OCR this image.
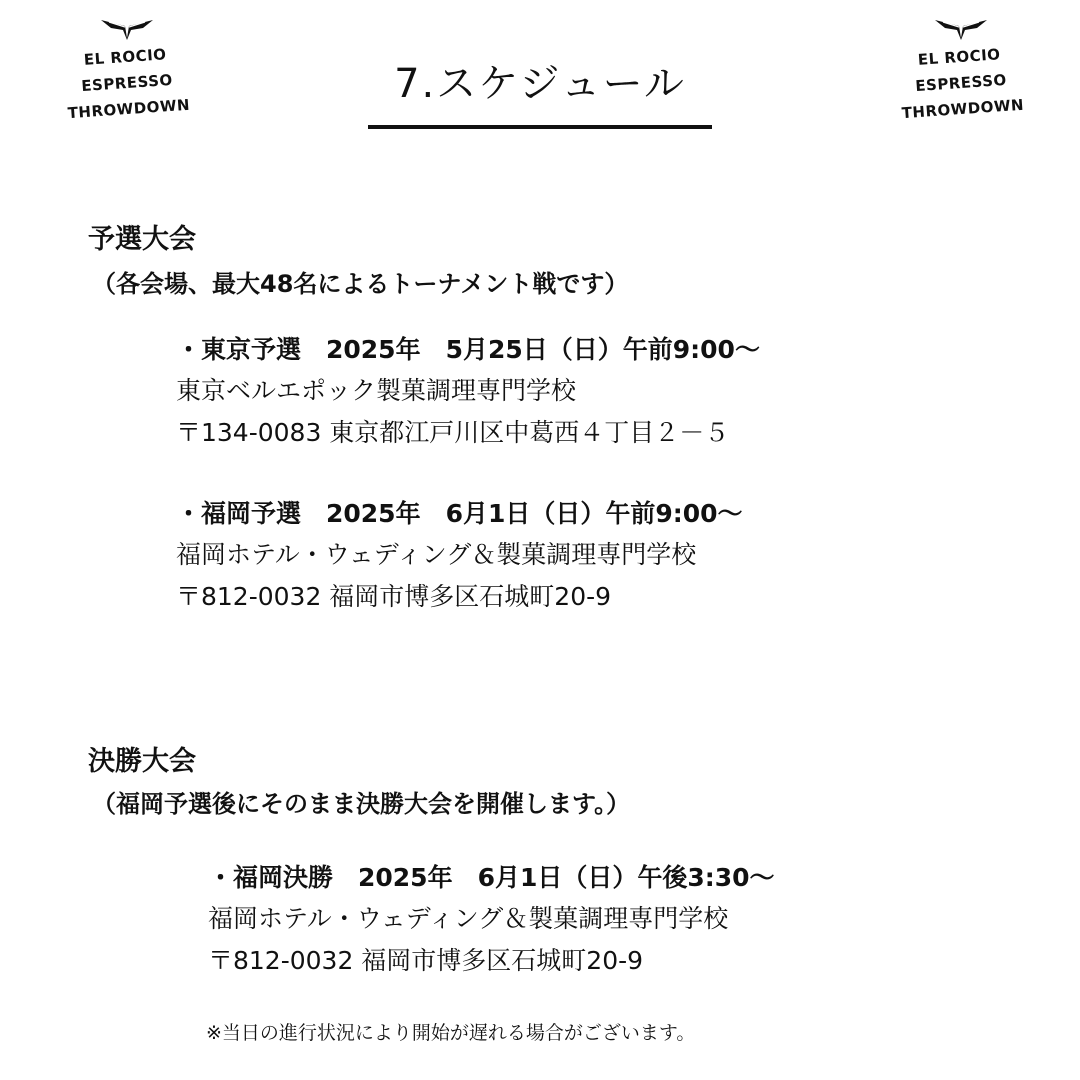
EL ROCIO
ESPRESSO
THROWDOWN
EL ROCIO
ESPRESSO
THROWDOWN
7.スケジュール
予選大会
（各会場、最大48名によるトーナメント戦です）
・東京予選　2025年　5月25日（日）午前9:00〜
東京ベルエポック製菓調理専門学校
〒134-0083 東京都江戸川区中葛西４丁目２－５
・福岡予選　2025年　6月1日（日）午前9:00〜
福岡ホテル・ウェディング＆製菓調理専門学校
〒812-0032 福岡市博多区石城町20-9
決勝大会
（福岡予選後にそのまま決勝大会を開催します。）
・福岡決勝　2025年　6月1日（日）午後3:30〜
福岡ホテル・ウェディング＆製菓調理専門学校
〒812-0032 福岡市博多区石城町20-9
※当日の進行状況により開始が遅れる場合がございます。
